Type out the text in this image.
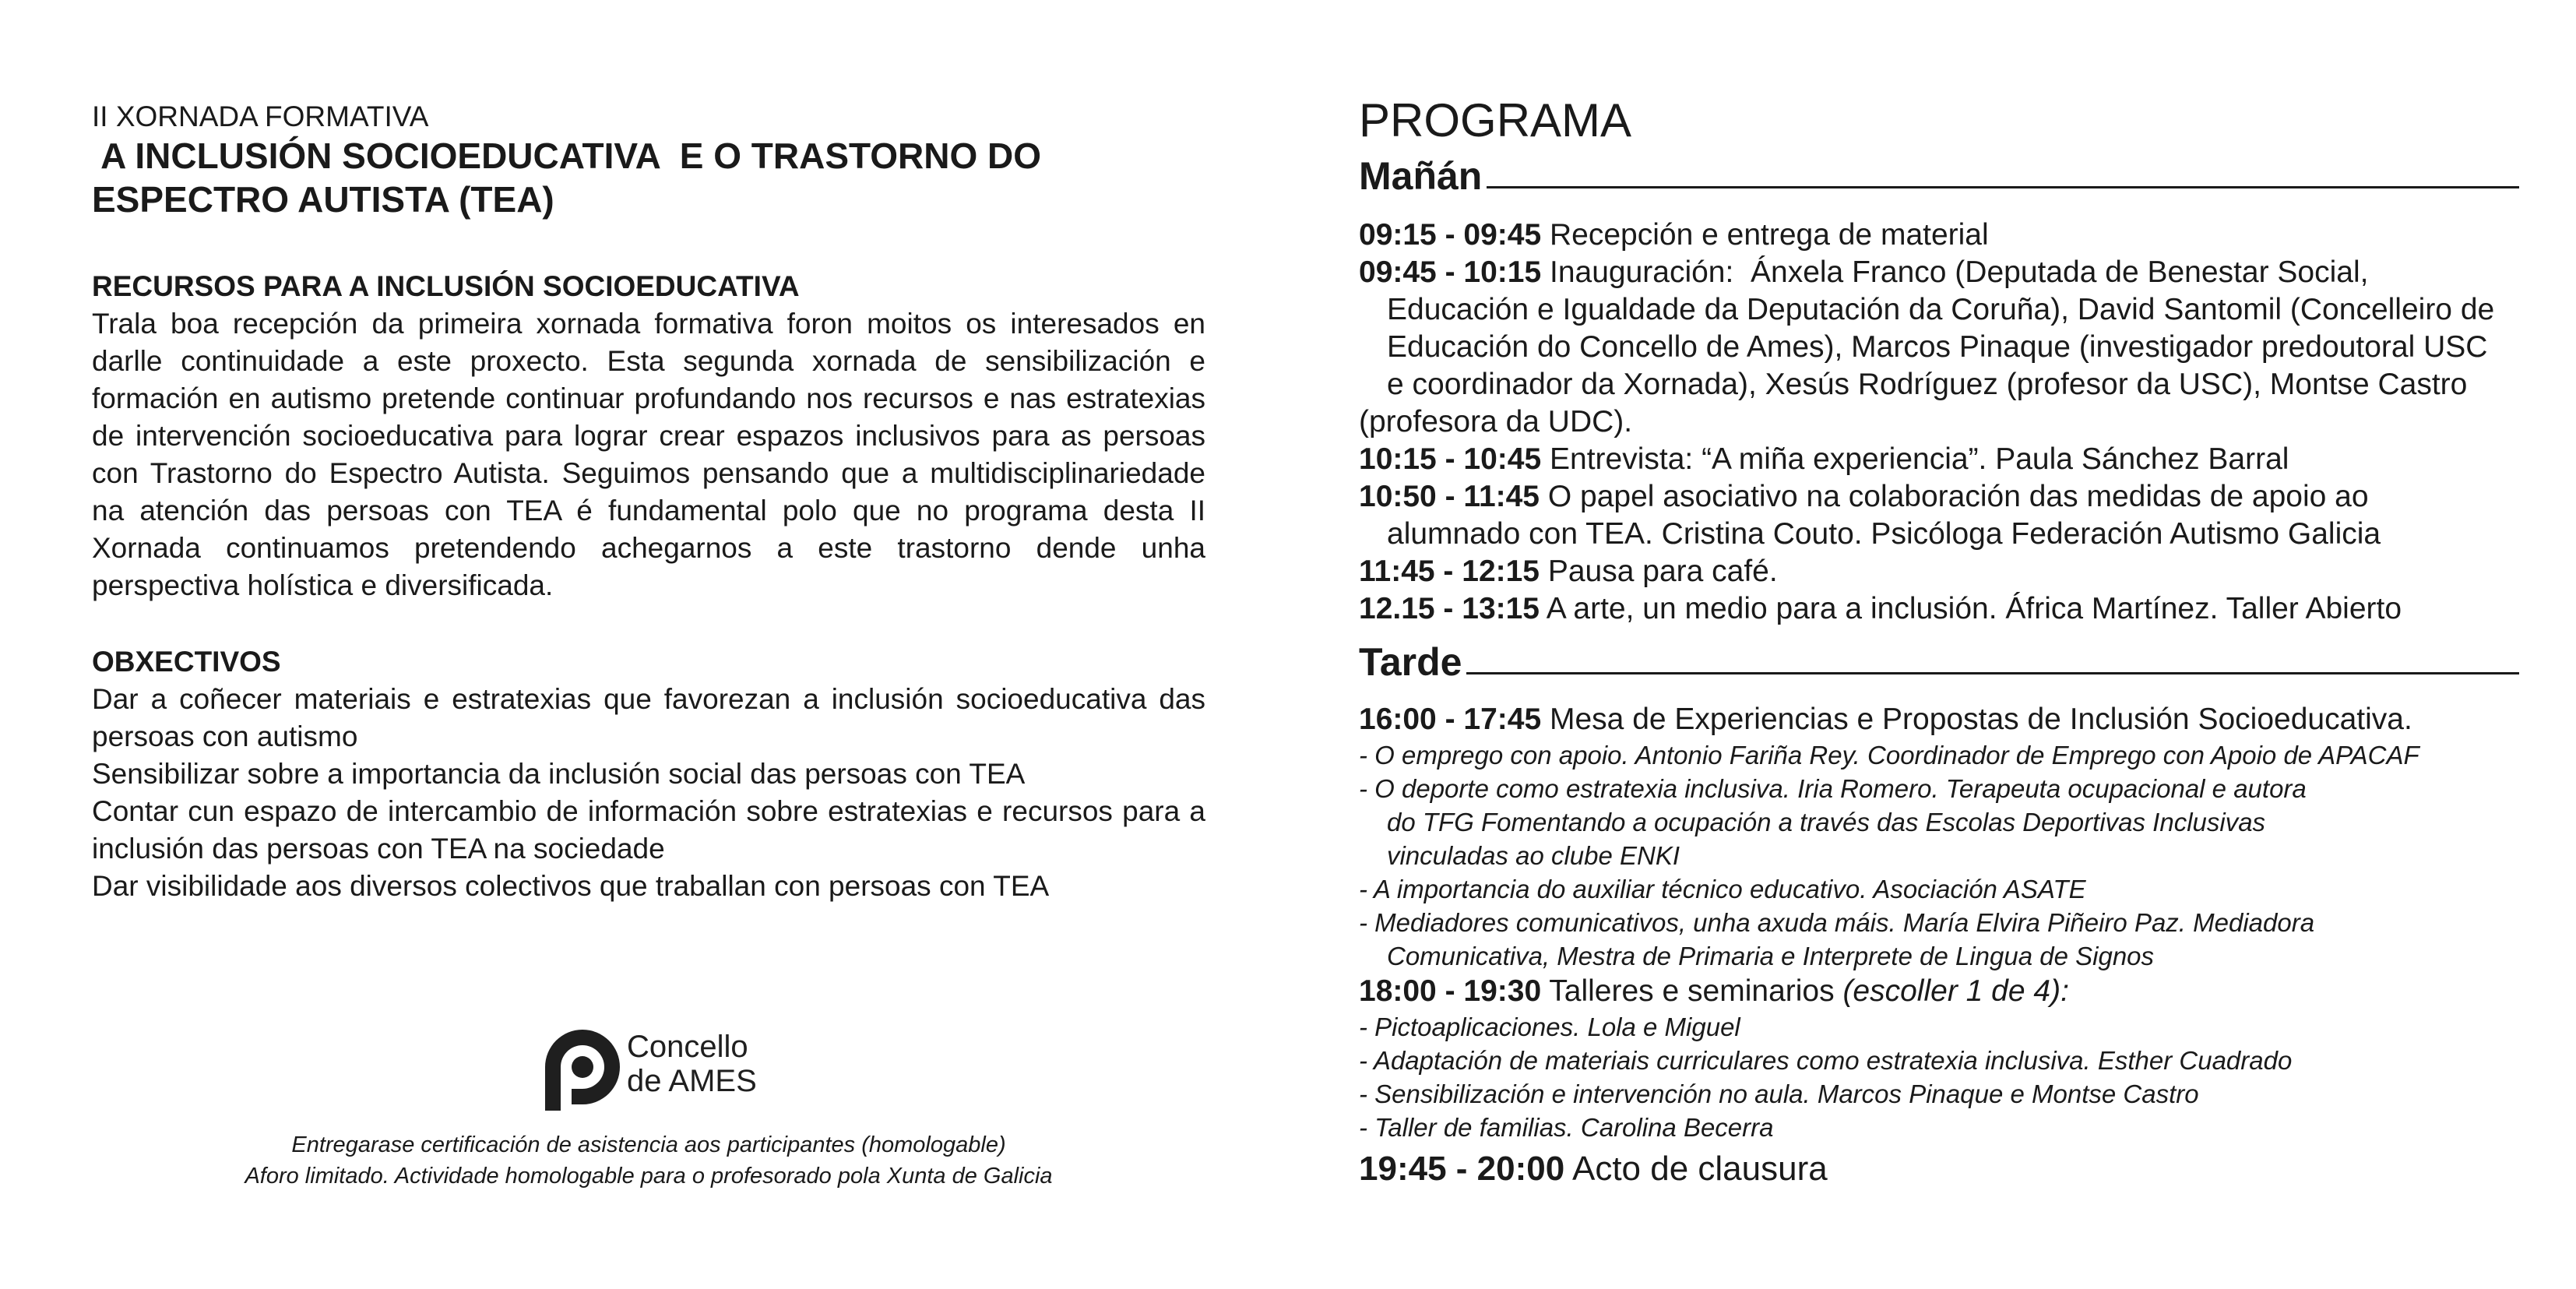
II XORNADA FORMATIVA

A INCLUSIÓN SOCIOEDUCATIVA  E O TRASTORNO DO
ESPECTRO AUTISTA (TEA)

RECURSOS PARA A INCLUSIÓN SOCIOEDUCATIVA

Trala boa recepción da primeira xornada formativa foron moitos os interesados en darlle continuidade a este proxecto. Esta segunda xornada de sensibilización e formación en autismo pretende continuar profundando nos recursos e nas estratexias de intervención socioeducativa para lograr crear espazos inclusivos para as persoas con Trastorno do Espectro Autista. Seguimos pensando que a multidisciplinariedade na atención das persoas con TEA é fundamental polo que no programa desta II Xornada continuamos pretendendo achegarnos a este trastorno dende unha perspectiva holística e diversificada.

OBXECTIVOS

Dar a coñecer materiais e estratexias que favorezan a inclusión socioeducativa das persoas con autismo

Sensibilizar sobre a importancia da inclusión social das persoas con TEA

Contar cun espazo de intercambio de información sobre estratexias e recursos para a inclusión das persoas con TEA na sociedade

Dar visibilidade aos diversos colectivos que traballan con persoas con TEA

Concello
de AMES

Entregarase certificación de asistencia aos participantes (homologable)

Aforo limitado. Actividade homologable para o profesorado pola Xunta de Galicia

PROGRAMA
Mañán

09:15 - 09:45 Recepción e entrega de material

09:45 - 10:15 Inauguración:  Ánxela Franco (Deputada de Benestar Social,

Educación e Igualdade da Deputación da Coruña), David Santomil (Concelleiro de

Educación do Concello de Ames), Marcos Pinaque (investigador predoutoral USC

e coordinador da Xornada), Xesús Rodríguez (profesor da USC), Montse Castro

(profesora da UDC).

10:15 - 10:45 Entrevista: “A miña experiencia”. Paula Sánchez Barral

10:50 - 11:45 O papel asociativo na colaboración das medidas de apoio ao

alumnado con TEA. Cristina Couto. Psicóloga Federación Autismo Galicia

11:45 - 12:15 Pausa para café.

12.15 - 13:15 A arte, un medio para a inclusión. África Martínez. Taller Abierto

Tarde

16:00 - 17:45 Mesa de Experiencias e Propostas de Inclusión Socioeducativa.

- O emprego con apoio. Antonio Fariña Rey. Coordinador de Emprego con Apoio de APACAF

- O deporte como estratexia inclusiva. Iria Romero. Terapeuta ocupacional e autora

do TFG Fomentando a ocupación a través das Escolas Deportivas Inclusivas

vinculadas ao clube ENKI

- A importancia do auxiliar técnico educativo. Asociación ASATE

- Mediadores comunicativos, unha axuda máis. María Elvira Piñeiro Paz. Mediadora

Comunicativa, Mestra de Primaria e Interprete de Lingua de Signos

18:00 - 19:30 Talleres e seminarios (escoller 1 de 4):

- Pictoaplicaciones. Lola e Miguel

- Adaptación de materiais curriculares como estratexia inclusiva. Esther Cuadrado

- Sensibilización e intervención no aula. Marcos Pinaque e Montse Castro

- Taller de familias. Carolina Becerra

19:45 - 20:00 Acto de clausura
